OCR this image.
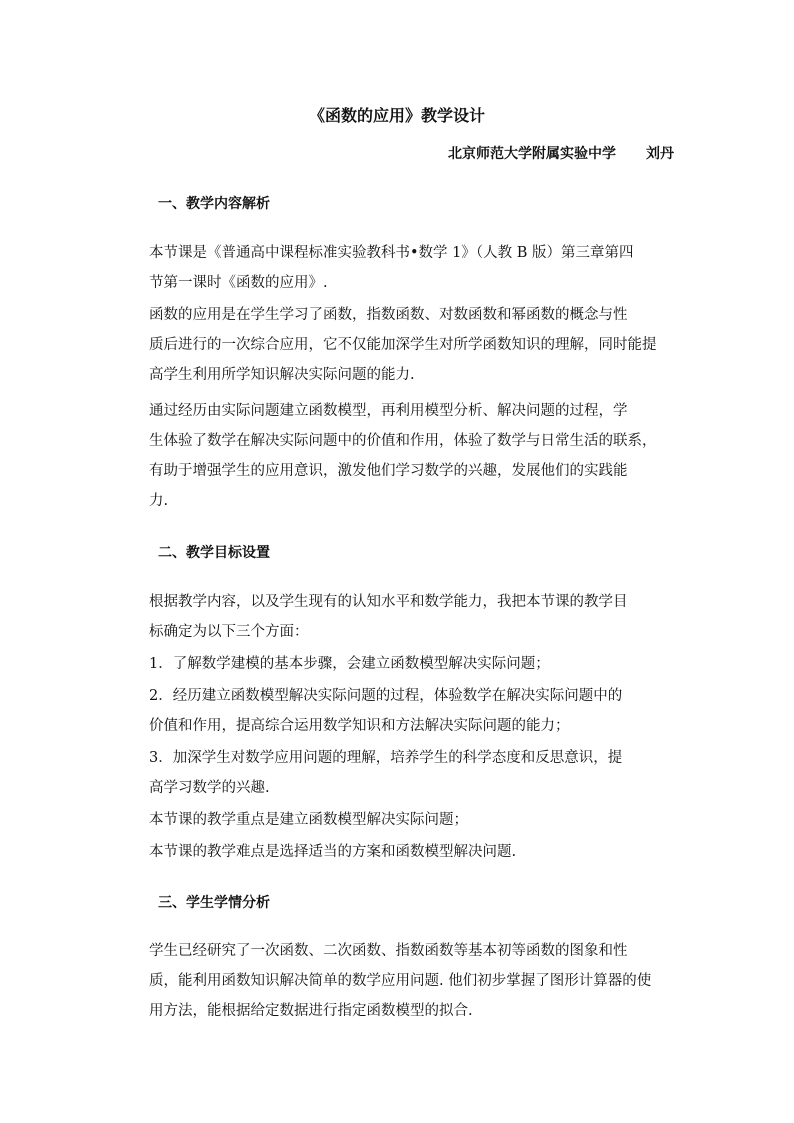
《函数的应用》教学设计
北京师范大学附属实验中学 刘丹
一、教学内容解析
本节课是《普通高中课程标准实验教科书•数学 1》（人教 B 版）第三章第四
节第一课时《函数的应用》.
函数的应用是在学生学习了函数，指数函数、对数函数和幂函数的概念与性
质后进行的一次综合应用，它不仅能加深学生对所学函数知识的理解，同时能提
高学生利用所学知识解决实际问题的能力.
通过经历由实际问题建立函数模型，再利用模型分析、解决问题的过程，学
生体验了数学在解决实际问题中的价值和作用，体验了数学与日常生活的联系，
有助于增强学生的应用意识，激发他们学习数学的兴趣，发展他们的实践能
力.
二、教学目标设置
根据教学内容，以及学生现有的认知水平和数学能力，我把本节课的教学目
标确定为以下三个方面：
1．了解数学建模的基本步骤，会建立函数模型解决实际问题；
2．经历建立函数模型解决实际问题的过程，体验数学在解决实际问题中的
价值和作用，提高综合运用数学知识和方法解决实际问题的能力；
3．加深学生对数学应用问题的理解，培养学生的科学态度和反思意识，提
高学习数学的兴趣.
本节课的教学重点是建立函数模型解决实际问题；
本节课的教学难点是选择适当的方案和函数模型解决问题.
三、学生学情分析
学生已经研究了一次函数、二次函数、指数函数等基本初等函数的图象和性
质，能利用函数知识解决简单的数学应用问题. 他们初步掌握了图形计算器的使
用方法，能根据给定数据进行指定函数模型的拟合.
